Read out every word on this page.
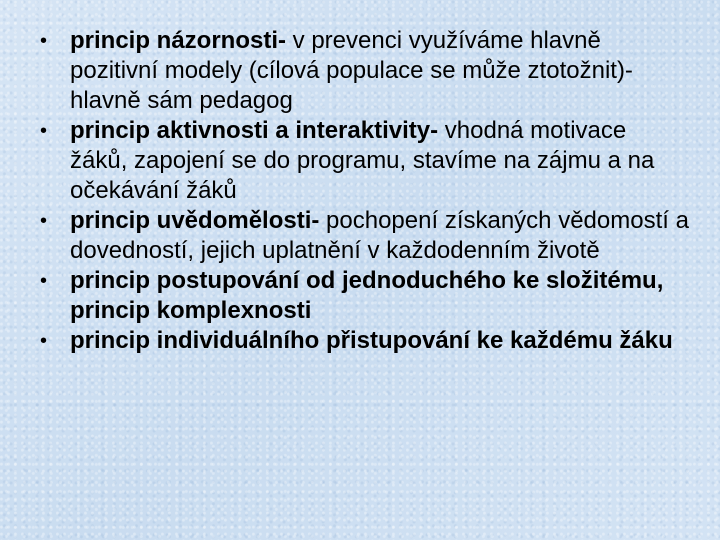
• princip názornosti- v prevenci využíváme hlavně pozitivní modely (cílová populace se může ztotožnit)- hlavně sám pedagog
• princip aktivnosti a interaktivity- vhodná motivace žáků, zapojení se do programu, stavíme na zájmu a na očekávání žáků
• princip uvědomělosti- pochopení získaných vědomostí a dovedností, jejich uplatnění v každodenním životě
• princip postupování od jednoduchého ke složitému, princip komplexnosti
• princip individuálního přistupování ke každému žáku
